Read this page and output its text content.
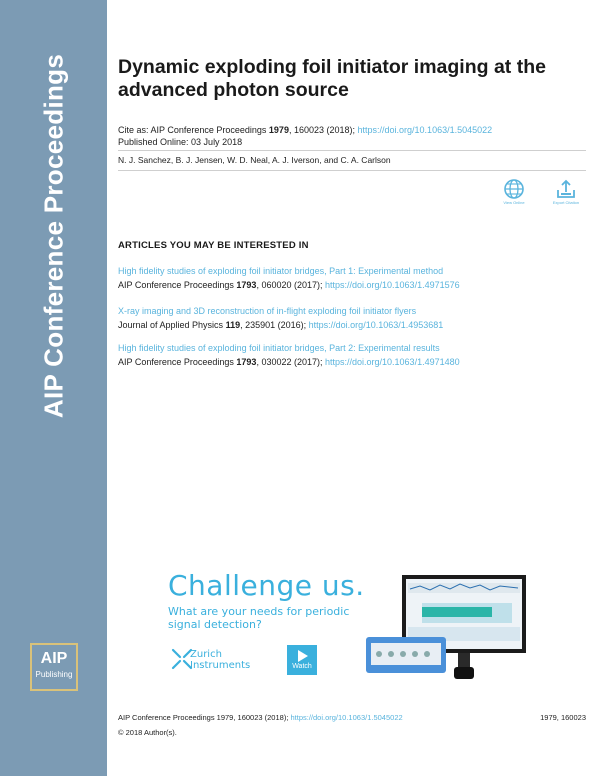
AIP Conference Proceedings
AIP
Publishing
Dynamic exploding foil initiator imaging at the advanced photon source
Cite as: AIP Conference Proceedings 1979, 160023 (2018); https://doi.org/10.1063/1.5045022
Published Online: 03 July 2018
N. J. Sanchez, B. J. Jensen, W. D. Neal, A. J. Iverson, and C. A. Carlson
View Online	Export Citation
ARTICLES YOU MAY BE INTERESTED IN
High fidelity studies of exploding foil initiator bridges, Part 1: Experimental method
AIP Conference Proceedings 1793, 060020 (2017); https://doi.org/10.1063/1.4971576
X-ray imaging and 3D reconstruction of in-flight exploding foil initiator flyers
Journal of Applied Physics 119, 235901 (2016); https://doi.org/10.1063/1.4953681
High fidelity studies of exploding foil initiator bridges, Part 2: Experimental results
AIP Conference Proceedings 1793, 030022 (2017); https://doi.org/10.1063/1.4971480
Challenge us.
What are your needs for periodic
signal detection?
Zurich
Instruments	Watch
AIP Conference Proceedings 1979, 160023 (2018); https://doi.org/10.1063/1.5045022	1979, 160023
© 2018 Author(s).
